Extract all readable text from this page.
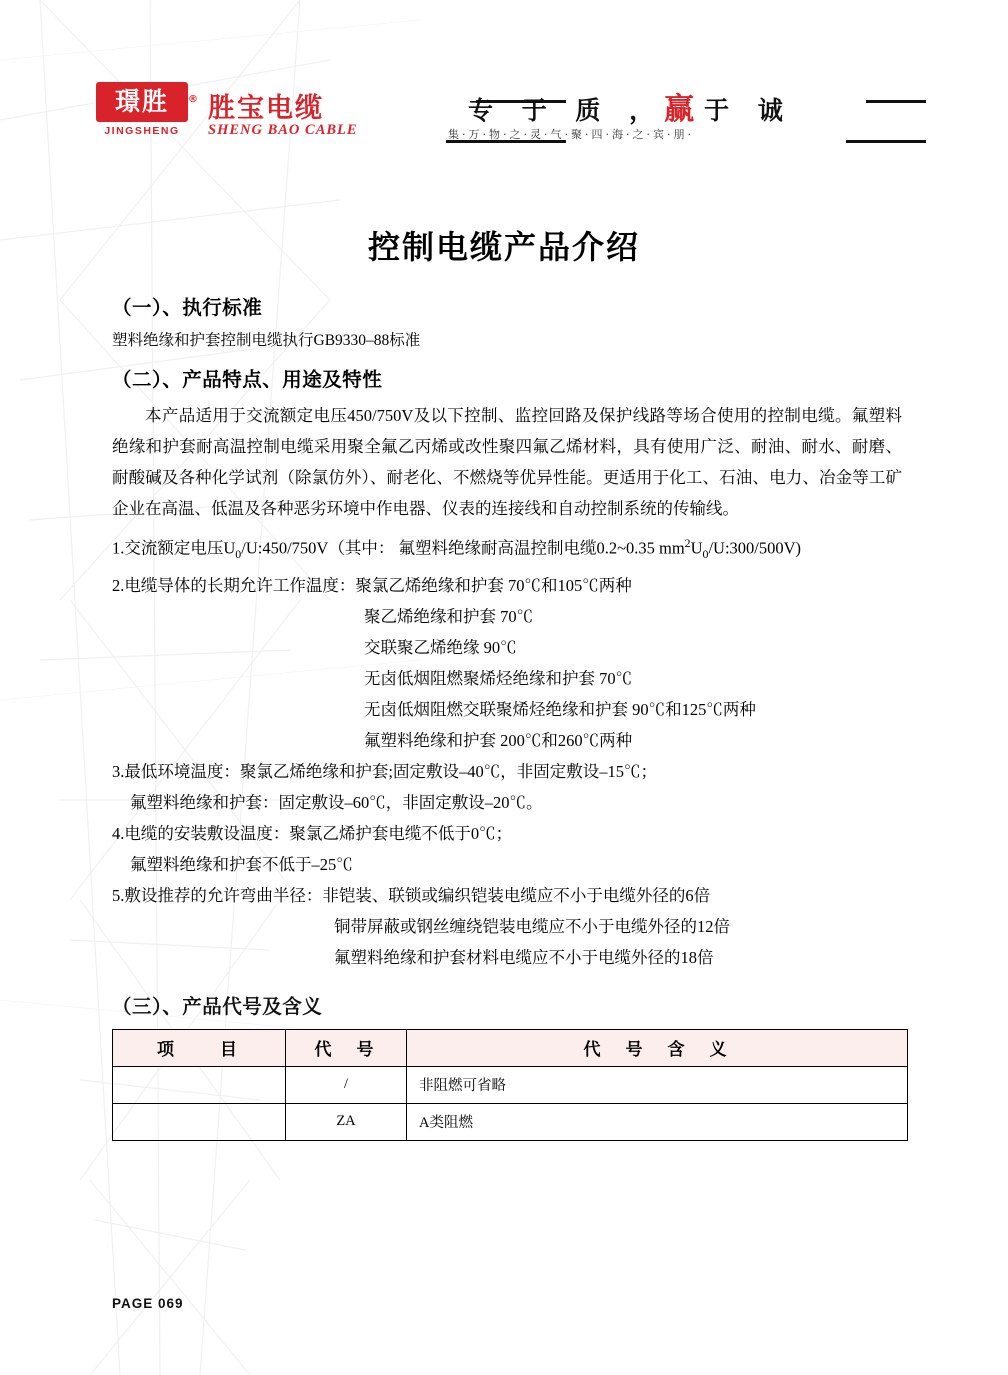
璟胜 ®
JINGSHENG
胜宝电缆
SHENG BAO CABLE
专 于 质 ，赢于 诚
集·万·物·之·灵·气·聚·四·海·之·宾·朋·
控制电缆产品介绍
（一）、执行标准

塑料绝缘和护套控制电缆执行GB9330–88标准

（二）、产品特点、用途及特性

本产品适用于交流额定电压450/750V及以下控制、监控回路及保护线路等场合使用的控制电缆。氟塑料绝缘和护套耐高温控制电缆采用聚全氟乙丙烯或改性聚四氟乙烯材料，具有使用广泛、耐油、耐水、耐磨、耐酸碱及各种化学试剂（除氯仿外）、耐老化、不燃烧等优异性能。更适用于化工、石油、电力、冶金等工矿企业在高温、低温及各种恶劣环境中作电器、仪表的连接线和自动控制系统的传输线。

1.交流额定电压$U_0/U:450/750V$（其中： 氟塑料绝缘耐高温控制电缆0.2~0.35 $mm^2U_0/U:300/500V$)

2.电缆导体的长期允许工作温度：聚氯乙烯绝缘和护套 70℃和105℃两种

聚乙烯绝缘和护套 70℃

交联聚乙烯绝缘 90℃

无卤低烟阻燃聚烯烃绝缘和护套 70℃

无卤低烟阻燃交联聚烯烃绝缘和护套 90℃和125℃两种

氟塑料绝缘和护套 200℃和260℃两种

3.最低环境温度：聚氯乙烯绝缘和护套;固定敷设–40℃，非固定敷设–15℃；

氟塑料绝缘和护套：固定敷设–60℃，非固定敷设–20℃。

4.电缆的安装敷设温度：聚氯乙烯护套电缆不低于0℃；

氟塑料绝缘和护套不低于–25℃

5.敷设推荐的允许弯曲半径：非铠装、联锁或编织铠装电缆应不小于电缆外径的6倍

铜带屏蔽或钢丝缠绕铠装电缆应不小于电缆外径的12倍

氟塑料绝缘和护套材料电缆应不小于电缆外径的18倍

（三）、产品代号及含义
项　　目	代　号	代　号　含　义
	/	非阻燃可省略
	ZA	A类阻燃
PAGE 069
